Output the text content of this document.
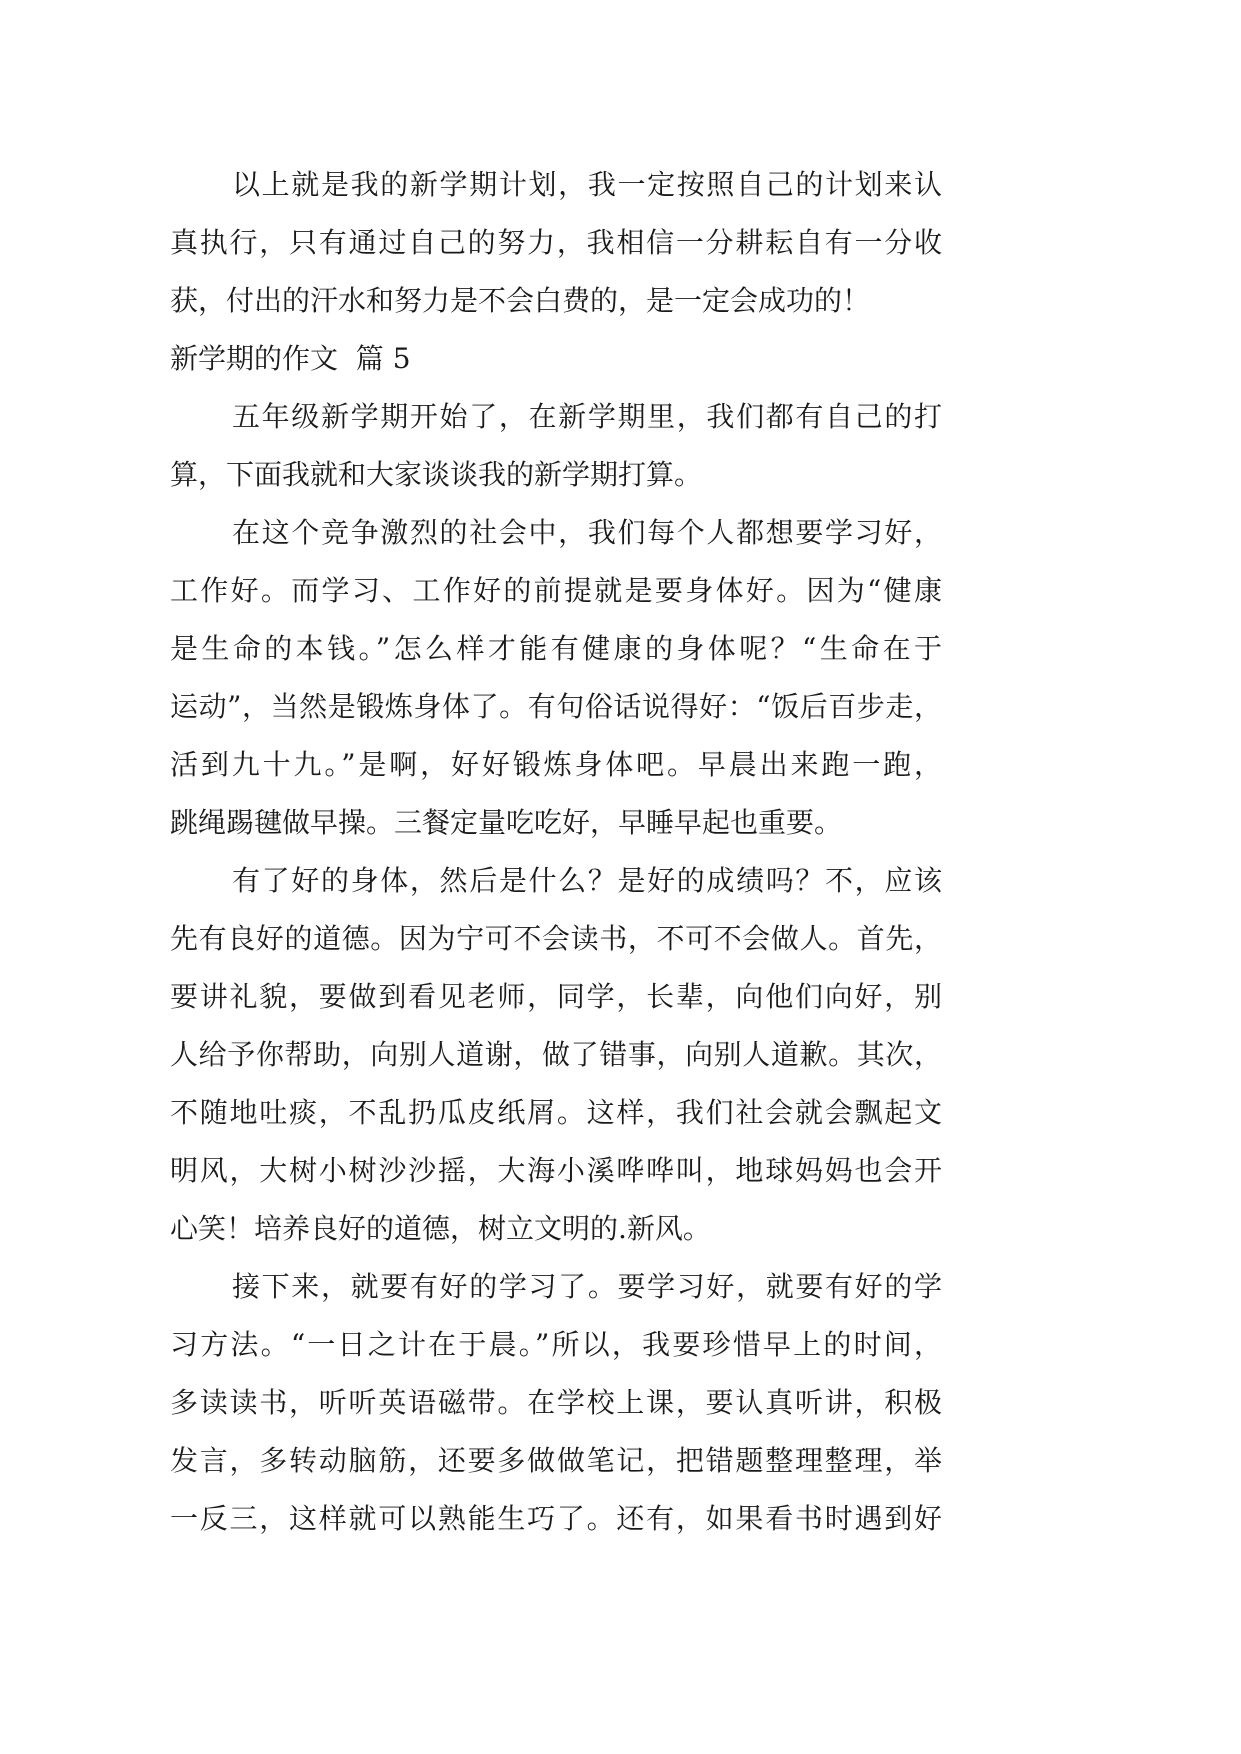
以上就是我的新学期计划，我一定按照自己的计划来认
真执行，只有通过自己的努力，我相信一分耕耘自有一分收
获，付出的汗水和努力是不会白费的，是一定会成功的！
新学期的作文  篇 5
五年级新学期开始了，在新学期里，我们都有自己的打
算，下面我就和大家谈谈我的新学期打算。
在这个竞争激烈的社会中，我们每个人都想要学习好，
工作好。而学习、工作好的前提就是要身体好。因为“健康
是生命的本钱。”怎么样才能有健康的身体呢？“生命在于
运动”，当然是锻炼身体了。有句俗话说得好：“饭后百步走，
活到九十九。”是啊，好好锻炼身体吧。早晨出来跑一跑，
跳绳踢毽做早操。三餐定量吃吃好，早睡早起也重要。
有了好的身体，然后是什么？是好的成绩吗？不，应该
先有良好的道德。因为宁可不会读书，不可不会做人。首先，
要讲礼貌，要做到看见老师，同学，长辈，向他们向好，别
人给予你帮助，向别人道谢，做了错事，向别人道歉。其次，
不随地吐痰，不乱扔瓜皮纸屑。这样，我们社会就会飘起文
明风，大树小树沙沙摇，大海小溪哗哗叫，地球妈妈也会开
心笑！培养良好的道德，树立文明的.新风。
接下来，就要有好的学习了。要学习好，就要有好的学
习方法。“一日之计在于晨。”所以，我要珍惜早上的时间，
多读读书，听听英语磁带。在学校上课，要认真听讲，积极
发言，多转动脑筋，还要多做做笔记，把错题整理整理，举
一反三，这样就可以熟能生巧了。还有，如果看书时遇到好
